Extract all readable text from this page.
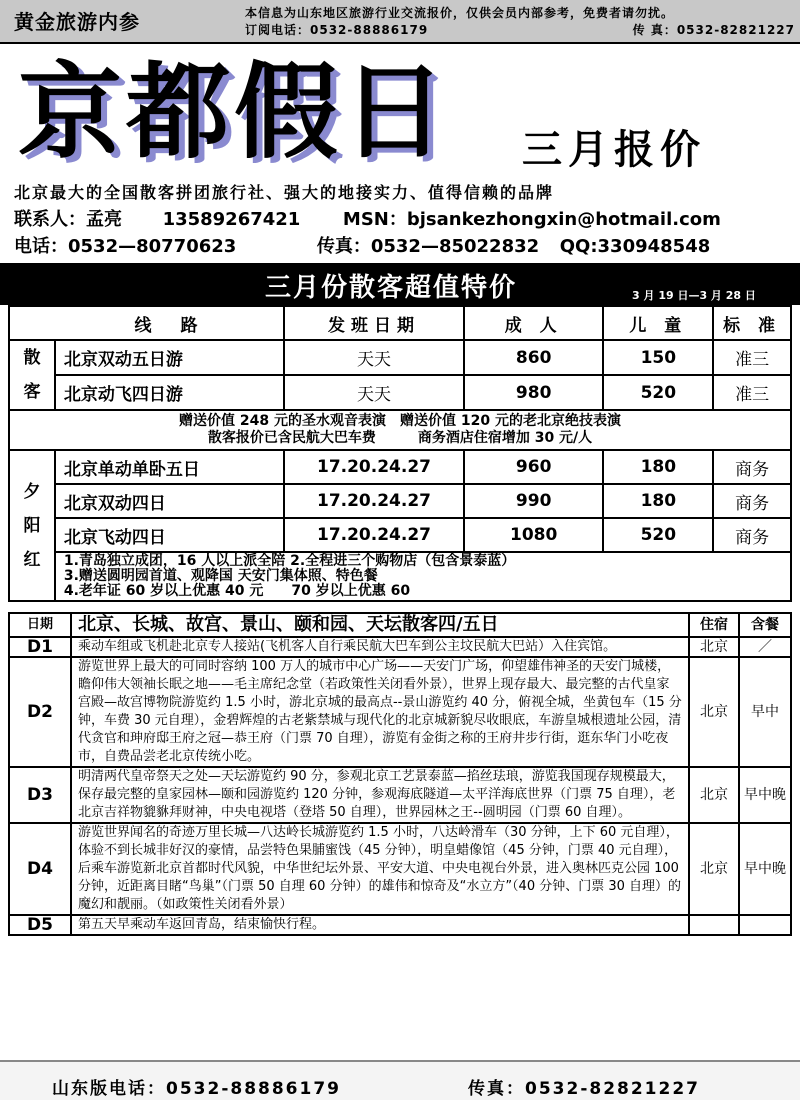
黄金旅游内参	本信息为山东地区旅游行业交流报价，仅供会员内部参考，免费者请勿扰。
订阅电话：0532-88886179	传 真：0532-82821227
京都假日 三月报价
北京最大的全国散客拼团旅行社、强大的地接实力、值得信赖的品牌
联系人：孟亮 13589267421 MSN：bjsankezhongxin@hotmail.com
电话：0532—80770623	传真：0532—85022832 QQ:330948548
三月份散客超值特价	3 月 19 日—3 月 28 日
	线　路	发班日期	成 人	儿 童	标 准

散
客	北京双动五日游	天天	860	150	准三
	北京动飞四日游	天天	980	520	准三

赠送价值 248 元的圣水观音表演　赠送价值 120 元的老北京绝技表演
散客报价已含民航大巴车费　　　商务酒店住宿增加 30 元/人					

夕
阳
红	北京单动单卧五日	17.20.24.27	960	180	商务
	北京双动四日	17.20.24.27	990	180	商务
	北京飞动四日	17.20.24.27	1080	520	商务

	1.青岛独立成团，16 人以上派全陪 2.全程进三个购物店（包含景泰蓝）
3.赠送圆明园首道、观降国 天安门集体照、特色餐
4.老年证 60 岁以上优惠 40 元　　70 岁以上优惠 60				
日期	北京、长城、故宫、景山、颐和园、天坛散客四/五日	住宿	含餐
D1	乘动车组或飞机赴北京专人接站(飞机客人自行乘民航大巴车到公主坟民航大巴站）入住宾馆。	北京	／
D2	游览世界上最大的可同时容纳 100 万人的城市中心广场——天安门广场，仰望雄伟神圣的天安门城楼，瞻仰伟大领袖长眠之地——毛主席纪念堂（若政策性关闭看外景），世界上现存最大、最完整的古代皇家宫殿—故宫博物院游览约 1.5 小时，游北京城的最高点--景山游览约 40 分，俯视全城，坐黄包车（15 分钟，车费 30 元自理），金碧辉煌的古老紫禁城与现代化的北京城新貌尽收眼底，车游皇城根遗址公园，清代贪官和珅府邸王府之冠—恭王府（门票 70 自理），游览有金街之称的王府井步行街，逛东华门小吃夜市，自费品尝老北京传统小吃。	北京	早中
D3	明清两代皇帝祭天之处—天坛游览约 90 分，参观北京工艺景泰蓝—掐丝珐琅，游览我国现存规模最大，保存最完整的皇家园林—颐和园游览约 120 分钟，参观海底隧道—太平洋海底世界（门票 75 自理），老北京吉祥物貔貅拜财神，中央电视塔（登塔 50 自理），世界园林之王--圆明园（门票 60 自理）。	北京	早中晚
D4	游览世界闻名的奇迹万里长城—八达岭长城游览约 1.5 小时，八达岭滑车（30 分钟，上下 60 元自理），体验不到长城非好汉的豪情，品尝特色果脯蜜饯（45 分钟），明皇蜡像馆（45 分钟，门票 40 元自理），后乘车游览新北京首都时代风貌，中华世纪坛外景、平安大道、中央电视台外景，进入奥林匹克公园 100 分钟，近距离目睹“鸟巢”（门票 50 自理 60 分钟）的雄伟和惊奇及“水立方”（40 分钟、门票 30 自理）的魔幻和靓丽。（如政策性关闭看外景）	北京	早中晚
D5	第五天早乘动车返回青岛，结束愉快行程。		
山东版电话：0532-88886179	传真：0532-82821227
